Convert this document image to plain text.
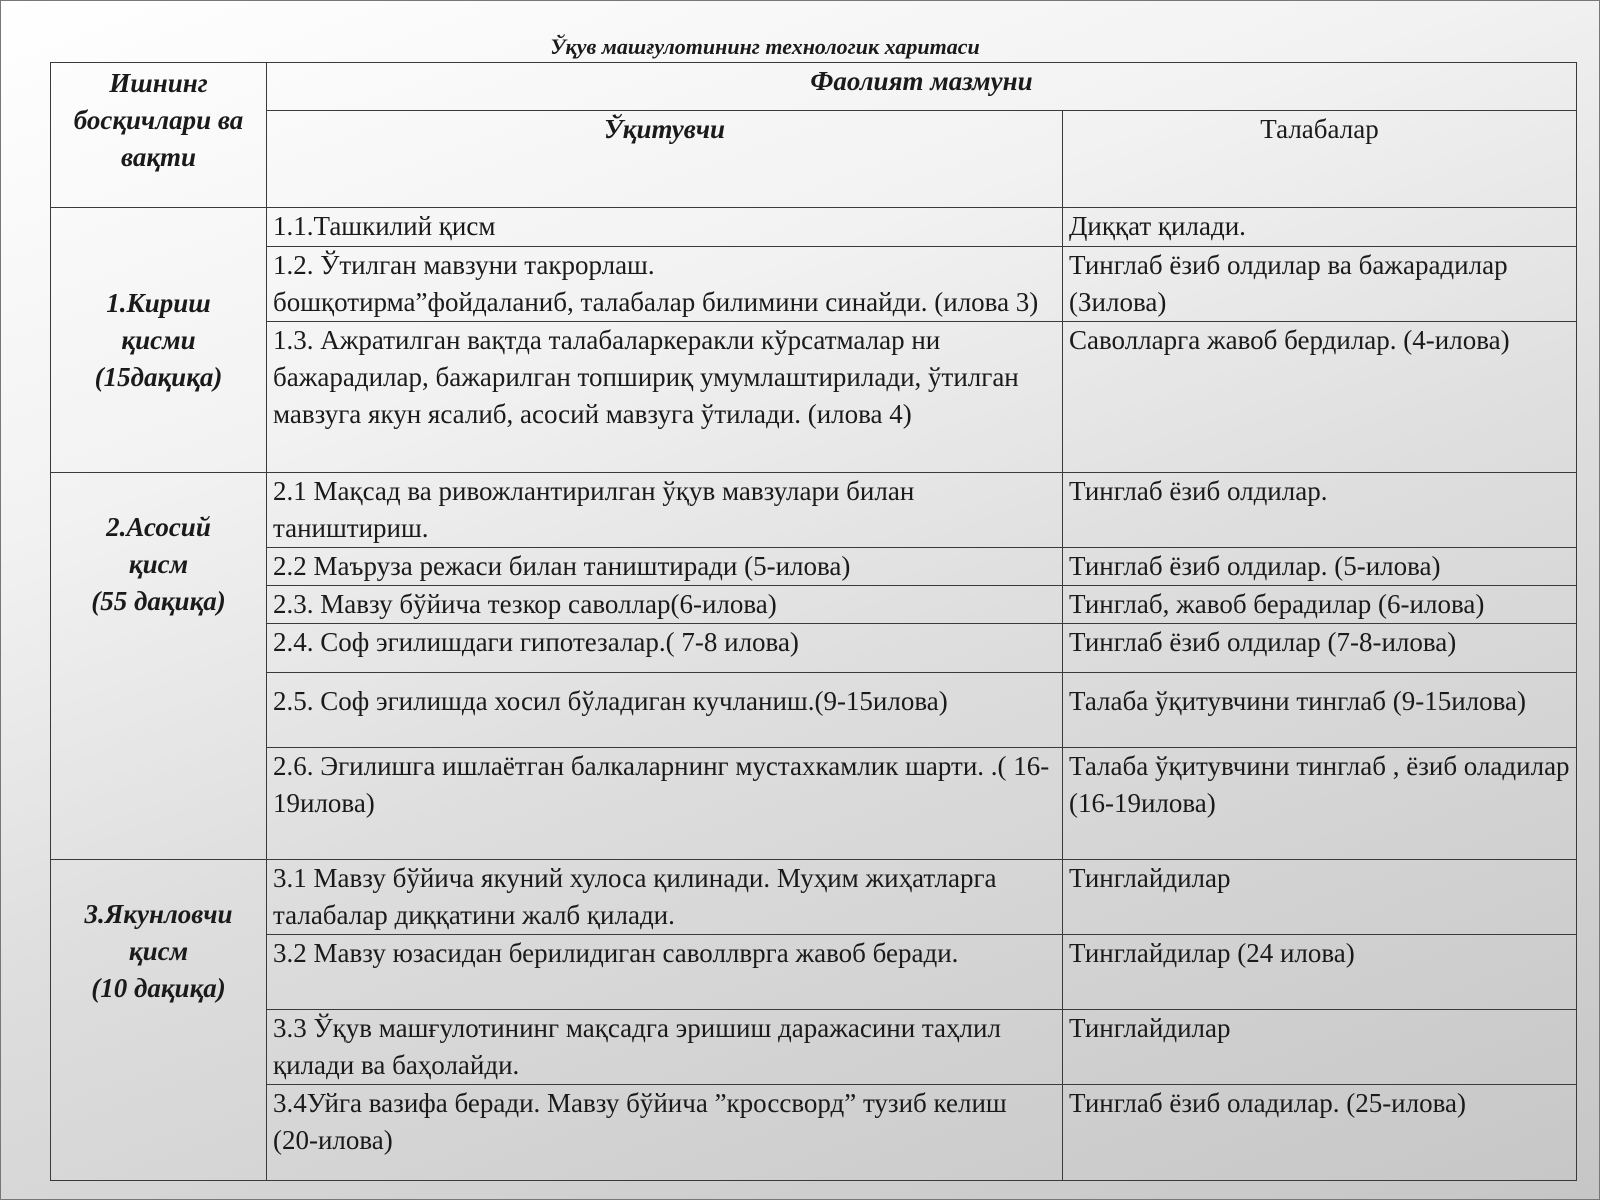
Ўқув машғулотининг технологик харитаси
Ишнинг
босқичлари ва
вақти	Фаолият мазмуни	
	Ўқитувчи	Талабалар

1.Кириш
қисми
(15дақиқа)	1.1.Ташкилий қисм	Диққат қилади.

	1.2. Ўтилган мавзуни такрорлаш.
бошқотирма”фойдаланиб, талабалар билимини синайди. (илова 3)	Тинглаб ёзиб олдилар ва бажарадилар (Зилова)
	1.3. Ажратилган вақтда талабаларкеракли кўрсатмалар ни бажарадилар, бажарилган топшириқ умумлаштирилади, ўтилган мавзуга якун ясалиб, асосий мавзуга ўтилади. (илова 4)	Саволларга жавоб бердилар. (4-илова)

2.Асосий
қисм
(55 дақиқа)	2.1 Мақсад ва ривожлантирилган ўқув мавзулари билан таништириш.	Тинглаб ёзиб олдилар.
	2.2 Маъруза режаси билан таништиради (5-илова)	Тинглаб ёзиб олдилар. (5-илова)
	2.3. Мавзу бўйича тезкор саволлар(6-илова)	Тинглаб, жавоб берадилар (6-илова)
	2.4. Соф эгилишдаги гипотезалар.( 7-8 илова)	Тинглаб ёзиб олдилар (7-8-илова)
	2.5. Соф эгилишда хосил бўладиган кучланиш.(9-15илова)	Талаба ўқитувчини тинглаб (9-15илова)
	2.6. Эгилишга ишлаётган балкаларнинг мустахкамлик шарти. .( 16-19илова)	Талаба ўқитувчини тинглаб , ёзиб оладилар (16-19илова)

3.Якунловчи
қисм
(10 дақиқа)	3.1 Мавзу бўйича якуний хулоса қилинади. Муҳим жиҳатларга          талабалар диққатини жалб қилади.	Тинглайдилар
	3.2 Мавзу юзасидан берилидиган саволлврга жавоб беради.	Тинглайдилар (24 илова)
	3.3 Ўқув машғулотининг мақсадга эришиш даражасини таҳлил қилади ва баҳолайди.	Тинглайдилар
	3.4Уйга вазифа беради. Мавзу бўйича ”кроссворд” тузиб келиш (20-илова)	Тинглаб ёзиб оладилар. (25-илова)
